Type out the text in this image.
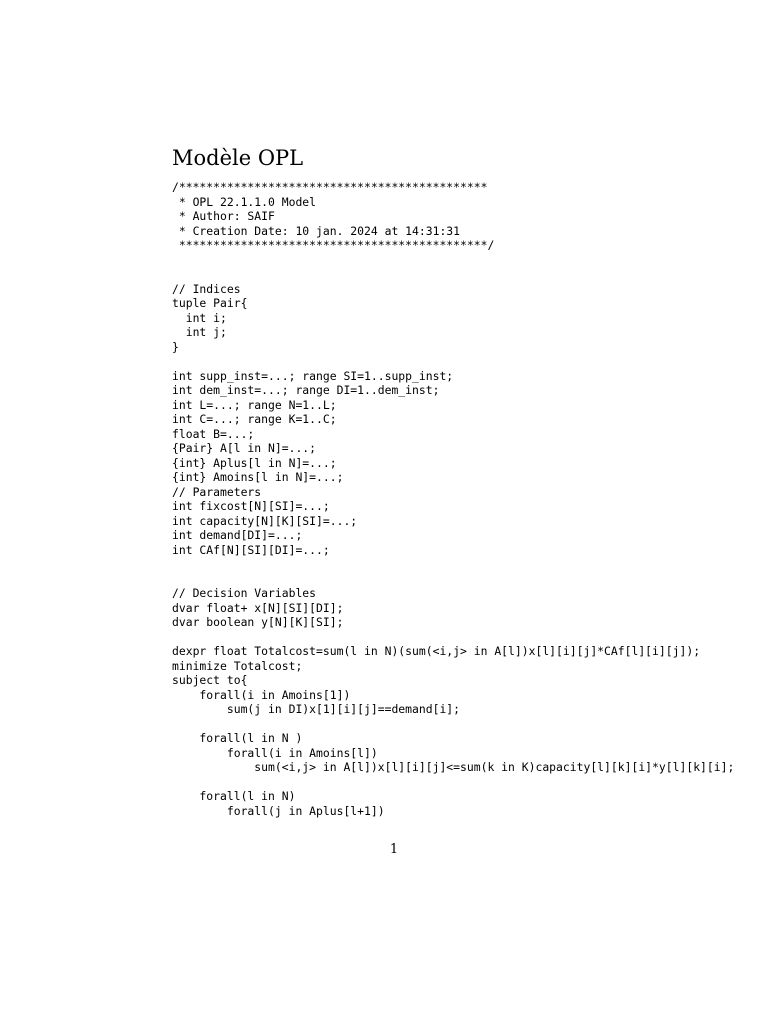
Modèle OPL
/*********************************************
* OPL 22.1.1.0 Model
* Author: SAIF
* Creation Date: 10 jan. 2024 at 14:31:31
*********************************************/
// Indices
tuple Pair{
int i;
int j;
}
int supp_inst=...; range SI=1..supp_inst;
int dem_inst=...; range DI=1..dem_inst;
int L=...; range N=1..L;
int C=...; range K=1..C;
float B=...;
{Pair} A[l in N]=...;
{int} Aplus[l in N]=...;
{int} Amoins[l in N]=...;
// Parameters
int fixcost[N][SI]=...;
int capacity[N][K][SI]=...;
int demand[DI]=...;
int CAf[N][SI][DI]=...;
// Decision Variables
dvar float+ x[N][SI][DI];
dvar boolean y[N][K][SI];
dexpr float Totalcost=sum(l in N)(sum(<i,j> in A[l])x[l][i][j]*CAf[l][i][j]);
minimize Totalcost;
subject to{
forall(i in Amoins[1])
sum(j in DI)x[1][i][j]==demand[i];
forall(l in N )
forall(i in Amoins[l])
sum(<i,j> in A[l])x[l][i][j]<=sum(k in K)capacity[l][k][i]*y[l][k][i];
forall(l in N)
forall(j in Aplus[l+1])
1
